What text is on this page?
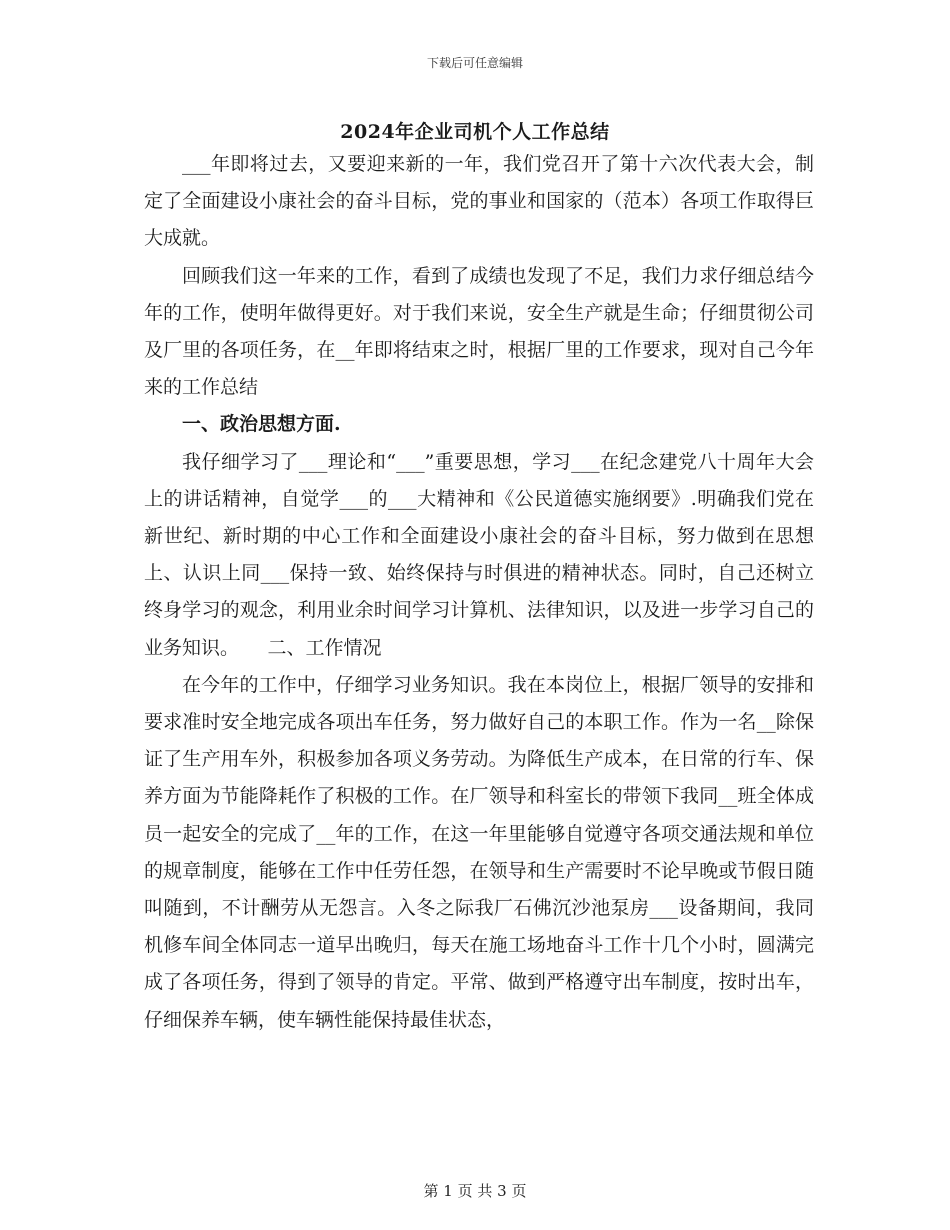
下载后可任意编辑
2024年企业司机个人工作总结

___年即将过去，又要迎来新的一年，我们党召开了第十六次代表大会，制定了全面建设小康社会的奋斗目标，党的事业和国家的（范本）各项工作取得巨大成就。

回顾我们这一年来的工作，看到了成绩也发现了不足，我们力求仔细总结今年的工作，使明年做得更好。对于我们来说，安全生产就是生命；仔细贯彻公司及厂里的各项任务，在__年即将结束之时，根据厂里的工作要求，现对自己今年来的工作总结

一、政治思想方面.

我仔细学习了___理论和“___”重要思想，学习___在纪念建党八十周年大会上的讲话精神，自觉学___的___大精神和《公民道德实施纲要》.明确我们党在新世纪、新时期的中心工作和全面建设小康社会的奋斗目标，努力做到在思想上、认识上同___保持一致、始终保持与时俱进的精神状态。同时，自己还树立终身学习的观念，利用业余时间学习计算机、法律知识，以及进一步学习自己的业务知识。　　二、工作情况

在今年的工作中，仔细学习业务知识。我在本岗位上，根据厂领导的安排和要求准时安全地完成各项出车任务，努力做好自己的本职工作。作为一名__除保证了生产用车外，积极参加各项义务劳动。为降低生产成本，在日常的行车、保养方面为节能降耗作了积极的工作。在厂领导和科室长的带领下我同__班全体成员一起安全的完成了__年的工作，在这一年里能够自觉遵守各项交通法规和单位的规章制度，能够在工作中任劳任怨，在领导和生产需要时不论早晚或节假日随叫随到，不计酬劳从无怨言。入冬之际我厂石佛沉沙池泵房___设备期间，我同机修车间全体同志一道早出晚归，每天在施工场地奋斗工作十几个小时，圆满完成了各项任务，得到了领导的肯定。平常、做到严格遵守出车制度，按时出车，仔细保养车辆，使车辆性能保持最佳状态，

第 1 页 共 3 页
